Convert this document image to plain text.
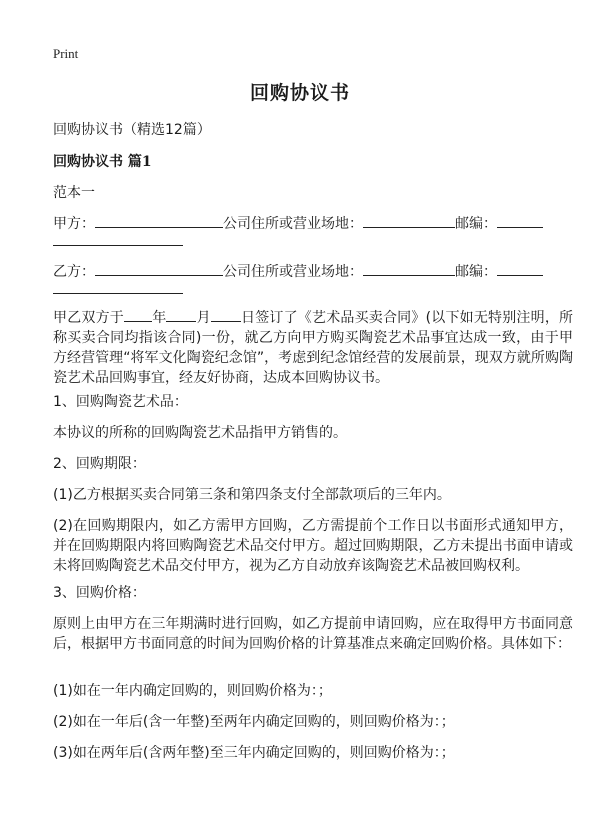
Print
回购协议书
回购协议书（精选12篇）
回购协议书 篇1
范本一
甲方：	公司住所或营业场地：	邮编：
乙方：	公司住所或营业场地：	邮编：
甲乙双方于 年 月 日签订了《艺术品买卖合同》(以下如无特别注明，所称买卖合同均指该合同)一份，就乙方向甲方购买陶瓷艺术品事宜达成一致，由于甲方经营管理“将军文化陶瓷纪念馆”，考虑到纪念馆经营的发展前景，现双方就所购陶瓷艺术品回购事宜，经友好协商，达成本回购协议书。
1、回购陶瓷艺术品：
本协议的所称的回购陶瓷艺术品指甲方销售的。
2、回购期限：
(1)乙方根据买卖合同第三条和第四条支付全部款项后的三年内。
(2)在回购期限内，如乙方需甲方回购，乙方需提前个工作日以书面形式通知甲方，并在回购期限内将回购陶瓷艺术品交付甲方。超过回购期限，乙方未提出书面申请或未将回购陶瓷艺术品交付甲方，视为乙方自动放弃该陶瓷艺术品被回购权利。
3、回购价格：
原则上由甲方在三年期满时进行回购，如乙方提前申请回购，应在取得甲方书面同意后，根据甲方书面同意的时间为回购价格的计算基准点来确定回购价格。具体如下：
(1)如在一年内确定回购的，则回购价格为：；
(2)如在一年后(含一年整)至两年内确定回购的，则回购价格为：；
(3)如在两年后(含两年整)至三年内确定回购的，则回购价格为：；
